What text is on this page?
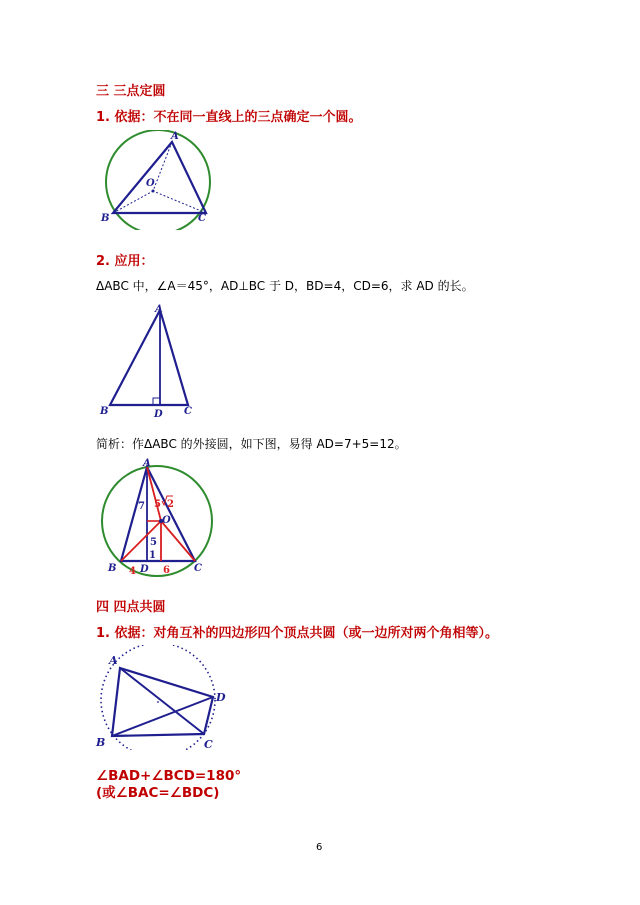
三 三点定圆
1. 依据：不在同一直线上的三点确定一个圆。
A
O
B	C
2. 应用：
ΔABC 中，∠A＝45°，AD⊥BC 于 D，BD=4，CD=6，求 AD 的长。
A
B	D C
简析：作ΔABC 的外接圆，如下图，易得 AD=7+5=12。
A
O
B D	C
7 5 2
5
1
4	6
四 四点共圆
1. 依据：对角互补的四边形四个顶点共圆（或一边所对两个角相等）。
A
D
B	C
∠BAD+∠BCD=180°
(或∠BAC=∠BDC)
6
